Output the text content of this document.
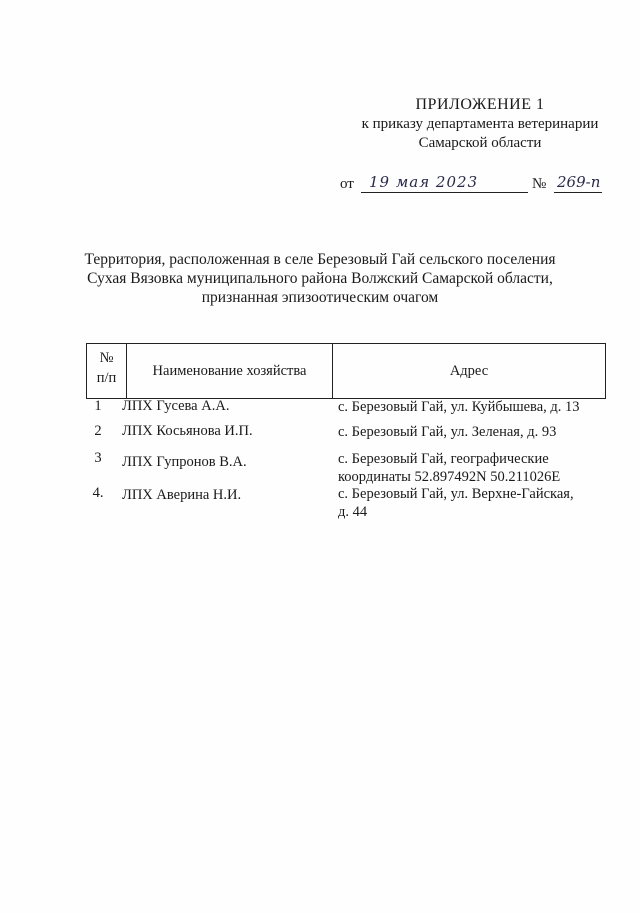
ПРИЛОЖЕНИЕ 1
к приказу департамента ветеринарии
Самарской области
от 19 мая 2023	№ 269-п
Территория, расположенная в селе Березовый Гай сельского поселения
Сухая Вязовка муниципального района Волжский Самарской области,
признанная эпизоотическим очагом
№
п/п	Наименование хозяйства	Адрес
1	ЛПХ Гусева А.А.	с. Березовый Гай, ул. Куйбышева, д. 13
2	ЛПХ Косьянова И.П.	с. Березовый Гай, ул. Зеленая, д. 93
3	ЛПХ Гупронов В.А.	с. Березовый Гай, географические
координаты 52.897492N 50.211026E
4.	ЛПХ Аверина Н.И.	с. Березовый Гай, ул. Верхне-Гайская,
д. 44
